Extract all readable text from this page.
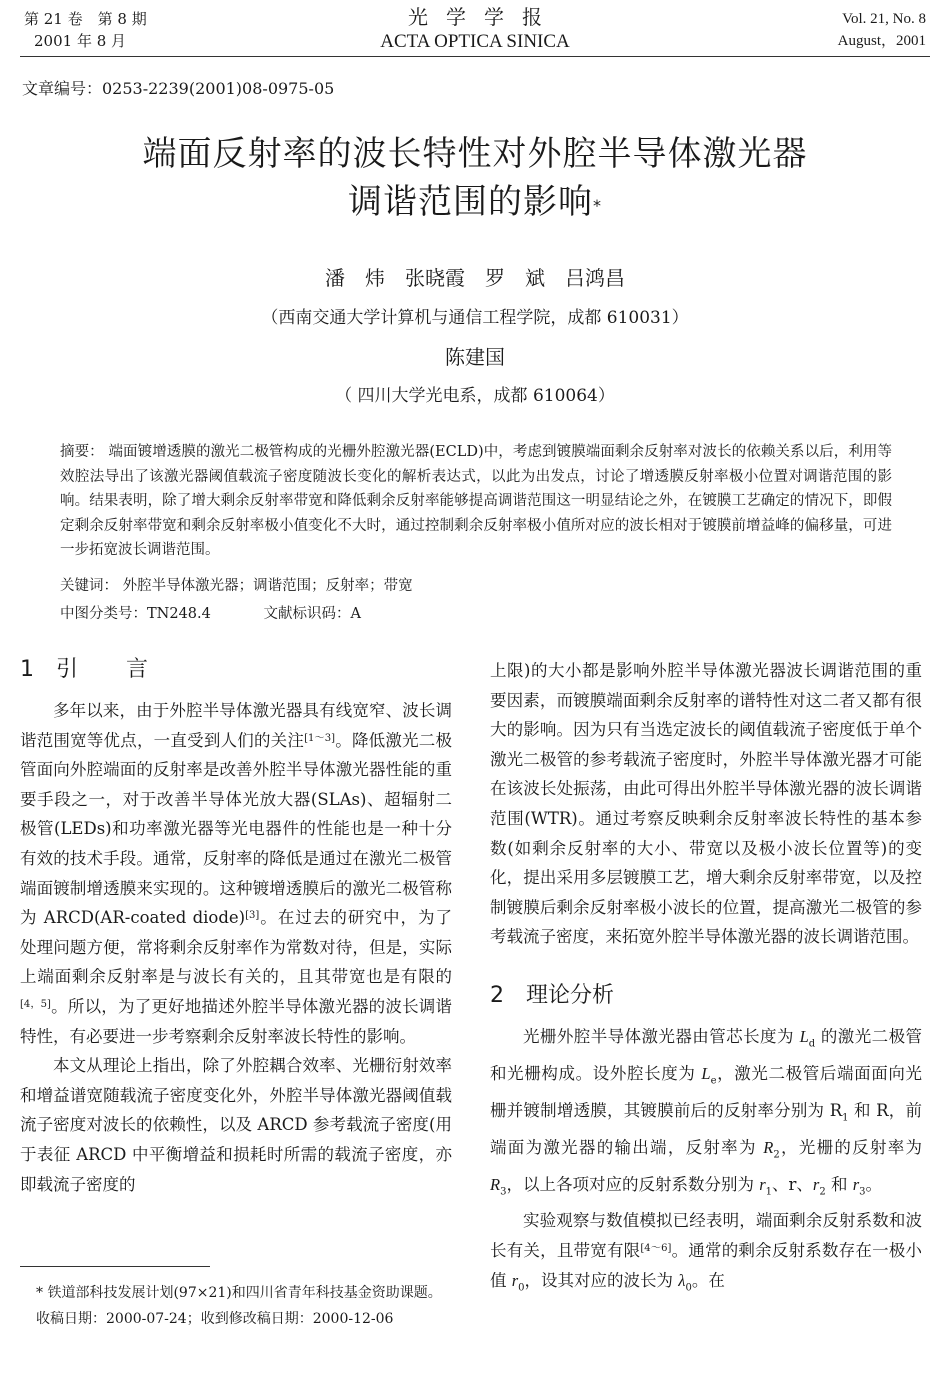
第 21 卷　第 8 期
2001 年 8 月
光学学报
ACTA OPTICA SINICA
Vol. 21, No. 8
August，2001
文章编号：0253-2239(2001)08-0975-05
端面反射率的波长特性对外腔半导体激光器
调谐范围的影响*
潘　炜　张晓霞　罗　斌　吕鸿昌
（西南交通大学计算机与通信工程学院，成都 610031）
陈建国
（ 四川大学光电系，成都 610064）
摘要： 端面镀增透膜的激光二极管构成的光栅外腔激光器(ECLD)中，考虑到镀膜端面剩余反射率对波长的依赖关系以后，利用等效腔法导出了该激光器阈值载流子密度随波长变化的解析表达式，以此为出发点，讨论了增透膜反射率极小位置对调谐范围的影响。结果表明，除了增大剩余反射率带宽和降低剩余反射率能够提高调谐范围这一明显结论之外，在镀膜工艺确定的情况下，即假定剩余反射率带宽和剩余反射率极小值变化不大时，通过控制剩余反射率极小值所对应的波长相对于镀膜前增益峰的偏移量，可进一步拓宽波长调谐范围。
关键词： 外腔半导体激光器；调谐范围；反射率；带宽
中图分类号：TN248.4	文献标识码：A
1 引言

多年以来，由于外腔半导体激光器具有线宽窄、波长调谐范围宽等优点，一直受到人们的关注[1～3]。降低激光二极管面向外腔端面的反射率是改善外腔半导体激光器性能的重要手段之一，对于改善半导体光放大器(SLAs)、超辐射二极管(LEDs)和功率激光器等光电器件的性能也是一种十分有效的技术手段。通常，反射率的降低是通过在激光二极管端面镀制增透膜来实现的。这种镀增透膜后的激光二极管称为 ARCD(AR-coated diode)[3]。在过去的研究中，为了处理问题方便，常将剩余反射率作为常数对待，但是，实际上端面剩余反射率是与波长有关的，且其带宽也是有限的[4，5]。所以，为了更好地描述外腔半导体激光器的波长调谐特性，有必要进一步考察剩余反射率波长特性的影响。

本文从理论上指出，除了外腔耦合效率、光栅衍射效率和增益谱宽随载流子密度变化外，外腔半导体激光器阈值载流子密度对波长的依赖性，以及 ARCD 参考载流子密度(用于表征 ARCD 中平衡增益和损耗时所需的载流子密度，亦即载流子密度的

上限)的大小都是影响外腔半导体激光器波长调谐范围的重要因素，而镀膜端面剩余反射率的谱特性对这二者又都有很大的影响。因为只有当选定波长的阈值载流子密度低于单个激光二极管的参考载流子密度时，外腔半导体激光器才可能在该波长处振荡，由此可得出外腔半导体激光器的波长调谐范围(WTR)。通过考察反映剩余反射率波长特性的基本参数(如剩余反射率的大小、带宽以及极小波长位置等)的变化，提出采用多层镀膜工艺，增大剩余反射率带宽，以及控制镀膜后剩余反射率极小波长的位置，提高激光二极管的参考载流子密度，来拓宽外腔半导体激光器的波长调谐范围。

2 理论分析

光栅外腔半导体激光器由管芯长度为 $L_d$ 的激光二极管和光栅构成。设外腔长度为 $L_e$，激光二极管后端面面向光栅并镀制增透膜，其镀膜前后的反射率分别为 $R_1$ 和 R，前端面为激光器的输出端，反射率为 $R_2$，光栅的反射率为 $R_3$，以上各项对应的反射系数分别为 $r_1$、r、$r_2$ 和 $r_3$。

实验观察与数值模拟已经表明，端面剩余反射系数和波长有关，且带宽有限[4～6]。通常的剩余反射系数存在一极小值 $r_0$，设其对应的波长为 $\lambda_0$。在

* 铁道部科技发展计划(97×21)和四川省青年科技基金资助课题。
收稿日期：2000-07-24；收到修改稿日期：2000-12-06
